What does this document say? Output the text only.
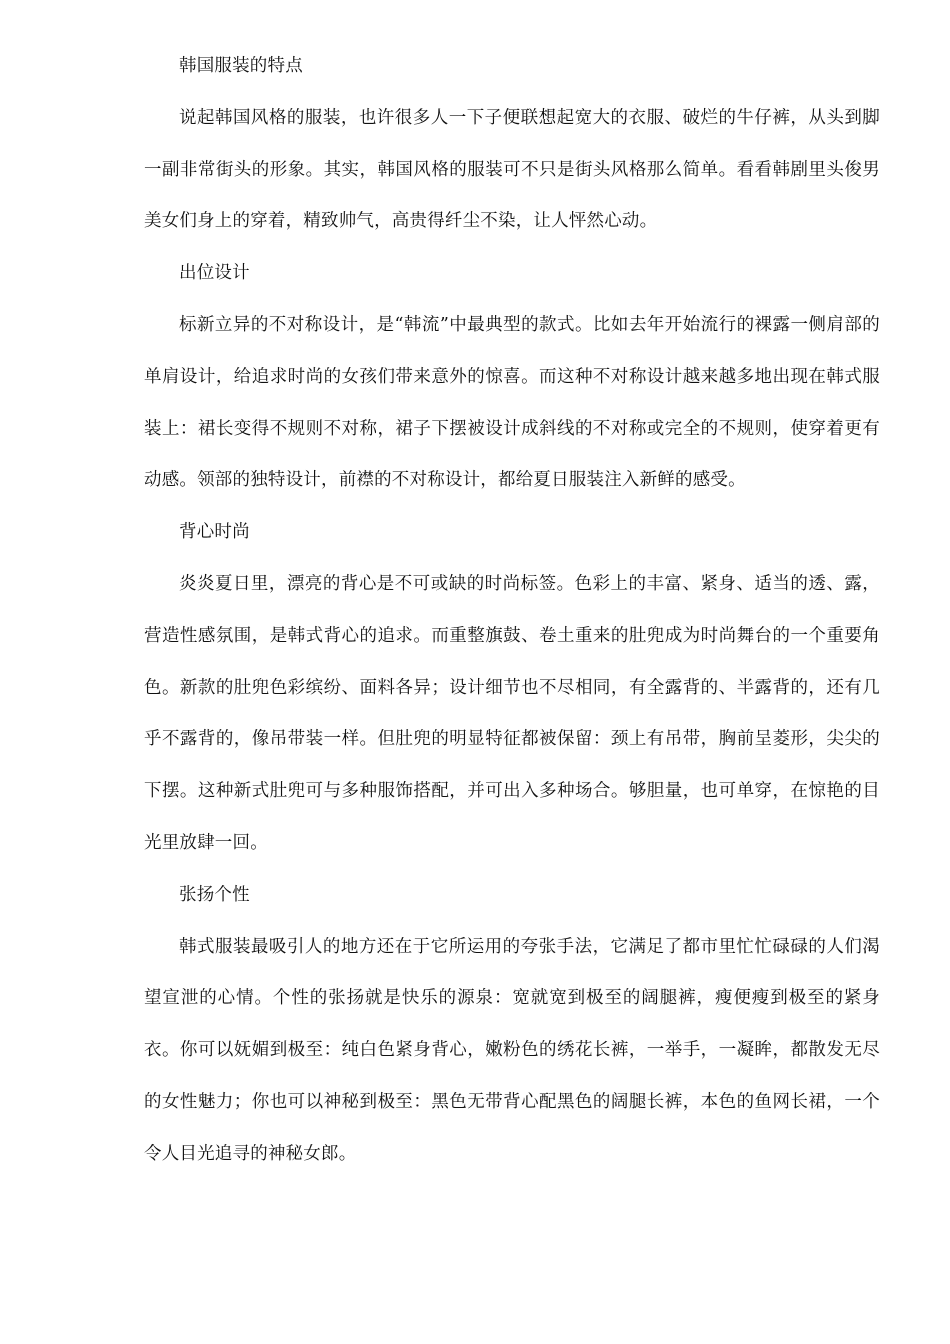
韩国服装的特点

说起韩国风格的服装，也许很多人一下子便联想起宽大的衣服、破烂的牛仔裤，从头到脚一副非常街头的形象。其实，韩国风格的服装可不只是街头风格那么简单。看看韩剧里头俊男美女们身上的穿着，精致帅气，高贵得纤尘不染，让人怦然心动。

出位设计

标新立异的不对称设计，是“韩流”中最典型的款式。比如去年开始流行的裸露一侧肩部的单肩设计，给追求时尚的女孩们带来意外的惊喜。而这种不对称设计越来越多地出现在韩式服装上：裙长变得不规则不对称，裙子下摆被设计成斜线的不对称或完全的不规则，使穿着更有动感。领部的独特设计，前襟的不对称设计，都给夏日服装注入新鲜的感受。

背心时尚

炎炎夏日里，漂亮的背心是不可或缺的时尚标签。色彩上的丰富、紧身、适当的透、露，营造性感氛围，是韩式背心的追求。而重整旗鼓、卷土重来的肚兜成为时尚舞台的一个重要角色。新款的肚兜色彩缤纷、面料各异；设计细节也不尽相同，有全露背的、半露背的，还有几乎不露背的，像吊带装一样。但肚兜的明显特征都被保留：颈上有吊带，胸前呈菱形，尖尖的下摆。这种新式肚兜可与多种服饰搭配，并可出入多种场合。够胆量，也可单穿，在惊艳的目光里放肆一回。

张扬个性

韩式服装最吸引人的地方还在于它所运用的夸张手法，它满足了都市里忙忙碌碌的人们渴望宣泄的心情。个性的张扬就是快乐的源泉：宽就宽到极至的阔腿裤，瘦便瘦到极至的紧身衣。你可以妩媚到极至：纯白色紧身背心，嫩粉色的绣花长裤，一举手，一凝眸，都散发无尽的女性魅力；你也可以神秘到极至：黑色无带背心配黑色的阔腿长裤，本色的鱼网长裙，一个令人目光追寻的神秘女郎。
